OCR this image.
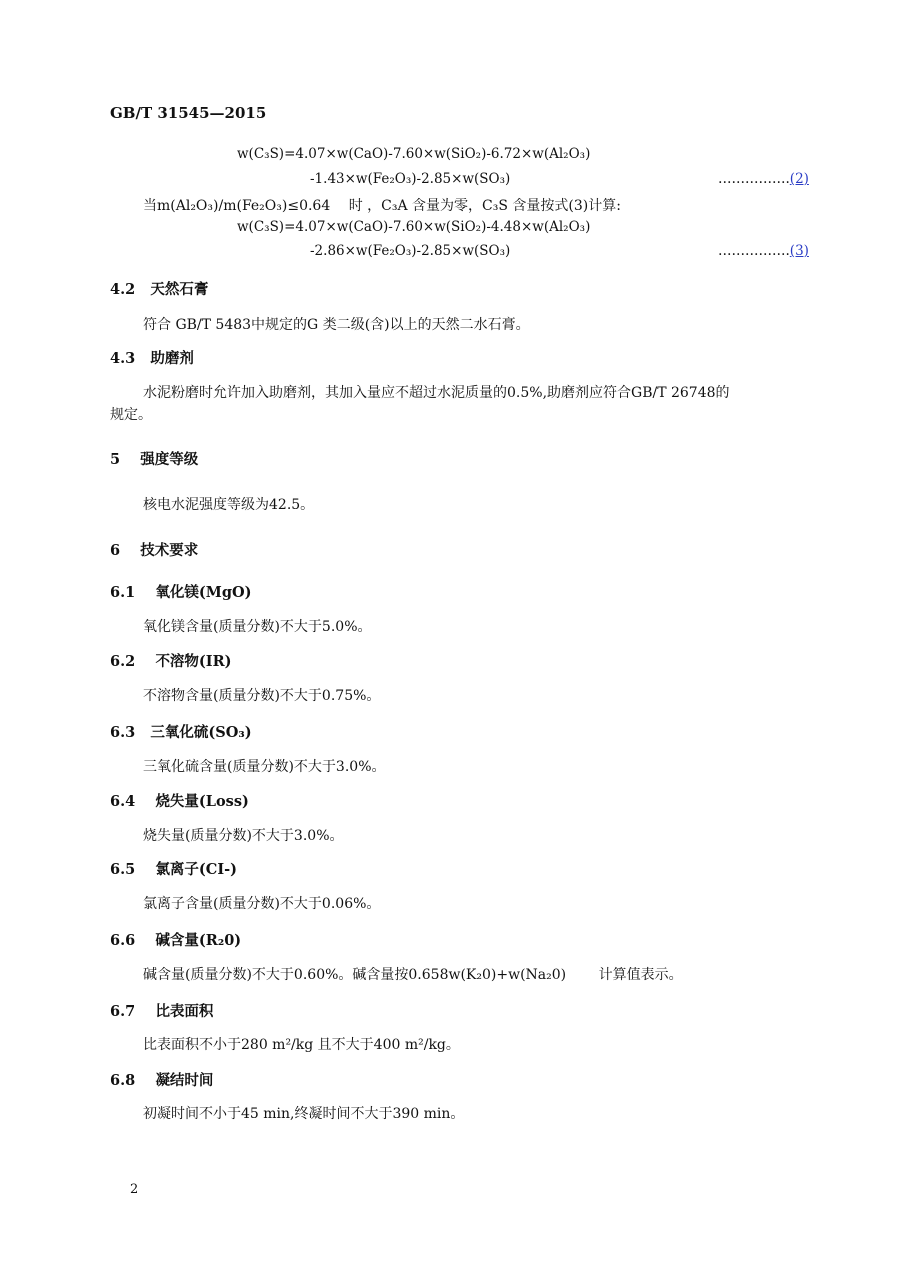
GB/T 31545—2015
w(C₃S)=4.07×w(CaO)-7.60×w(SiO₂)-6.72×w(Al₂O₃)
-1.43×w(Fe₂O₃)-2.85×w(SO₃)	…………….(2)
当m(Al₂O₃)/m(Fe₂O₃)≤0.64　 时 ，C₃A 含量为零，C₃S 含量按式(3)计算:
w(C₃S)=4.07×w(CaO)-7.60×w(SiO₂)-4.48×w(Al₂O₃)
-2.86×w(Fe₂O₃)-2.85×w(SO₃)	…………….(3)
4.2 天然石膏
符合 GB/T 5483中规定的G 类二级(含)以上的天然二水石膏。
4.3 助磨剂
水泥粉磨时允许加入助磨剂，其加入量应不超过水泥质量的0.5%,助磨剂应符合GB/T 26748的
规定。
5 强度等级
核电水泥强度等级为42.5。
6 技术要求
6.1 氧化镁(MgO)
氧化镁含量(质量分数)不大于5.0%。
6.2 不溶物(IR)
不溶物含量(质量分数)不大于0.75%。
6.3 三氧化硫(SO₃)
三氧化硫含量(质量分数)不大于3.0%。
6.4 烧失量(Loss)
烧失量(质量分数)不大于3.0%。
6.5 氯离子(CI-)
氯离子含量(质量分数)不大于0.06%。
6.6 碱含量(R₂0)
碱含量(质量分数)不大于0.60%。碱含量按0.658w(K₂0)+w(Na₂0)　　 计算值表示。
6.7 比表面积
比表面积不小于280 m²/kg 且不大于400 m²/kg。
6.8 凝结时间
初凝时间不小于45 min,终凝时间不大于390 min。
2
